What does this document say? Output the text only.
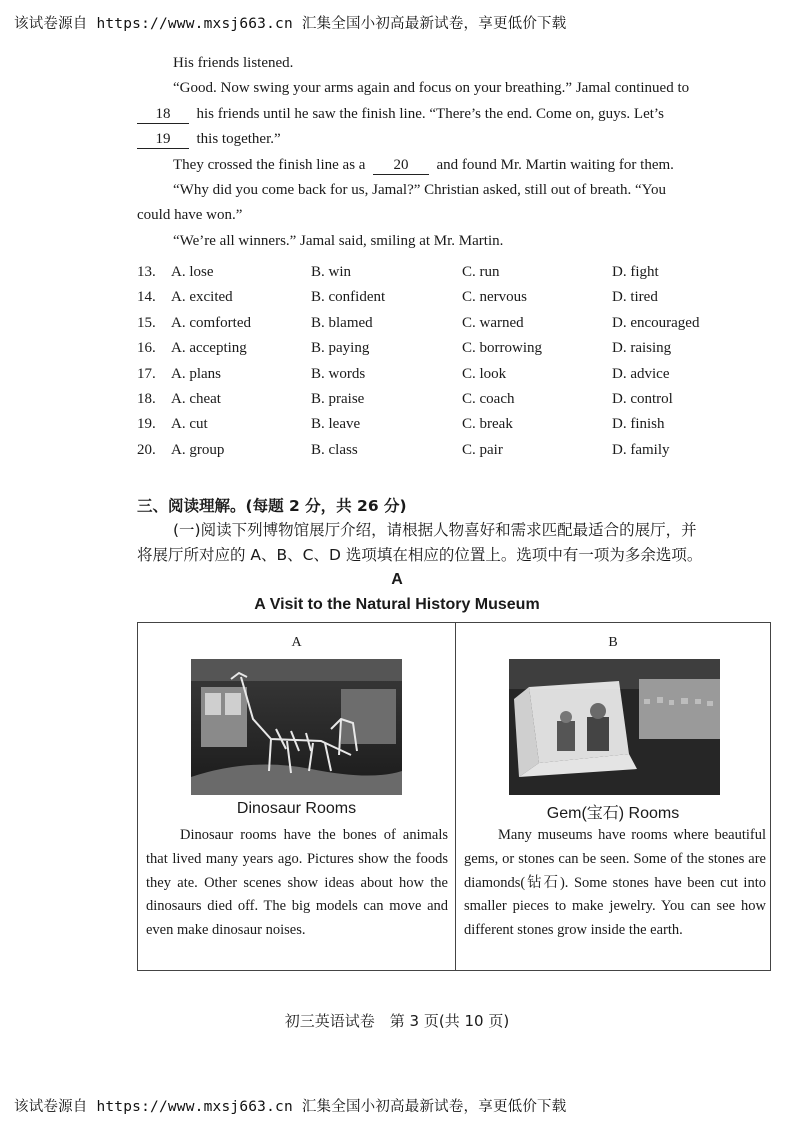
该试卷源自 https://www.mxsj663.cn 汇集全国小初高最新试卷，享更低价下载
His friends listened.
“Good. Now swing your arms again and focus on your breathing.” Jamal continued to
18 his friends until he saw the finish line. “There’s the end. Come on, guys. Let’s
19 this together.”
They crossed the finish line as a 20 and found Mr. Martin waiting for them.
“Why did you come back for us, Jamal?” Christian asked, still out of breath. “You
could have won.”
“We’re all winners.” Jamal said, smiling at Mr. Martin.
13. A. lose	B. win	C. run	D. fight
14. A. excited	B. confident	C. nervous	D. tired
15. A. comforted	B. blamed	C. warned	D. encouraged
16. A. accepting	B. paying	C. borrowing	D. raising
17. A. plans	B. words	C. look	D. advice
18. A. cheat	B. praise	C. coach	D. control
19. A. cut	B. leave	C. break	D. finish
20. A. group	B. class	C. pair	D. family
三、阅读理解。(每题 2 分，共 26 分)
(一)阅读下列博物馆展厅介绍，请根据人物喜好和需求匹配最适合的展厅，并
将展厅所对应的 A、B、C、D 选项填在相应的位置上。选项中有一项为多余选项。
A
A Visit to the Natural History Museum
A
Dinosaur Rooms
Dinosaur rooms have the bones of animals that lived many years ago. Pictures show the foods they ate. Other scenes show ideas about how the dinosaurs died off. The big models can move and even make dinosaur noises.
B
Gem(宝石) Rooms
Many museums have rooms where beautiful gems, or stones can be seen. Some of the stones are diamonds(钻石). Some stones have been cut into smaller pieces to make jewelry. You can see how different stones grow inside the earth.
初三英语试卷　第 3 页(共 10 页)
该试卷源自 https://www.mxsj663.cn 汇集全国小初高最新试卷，享更低价下载
